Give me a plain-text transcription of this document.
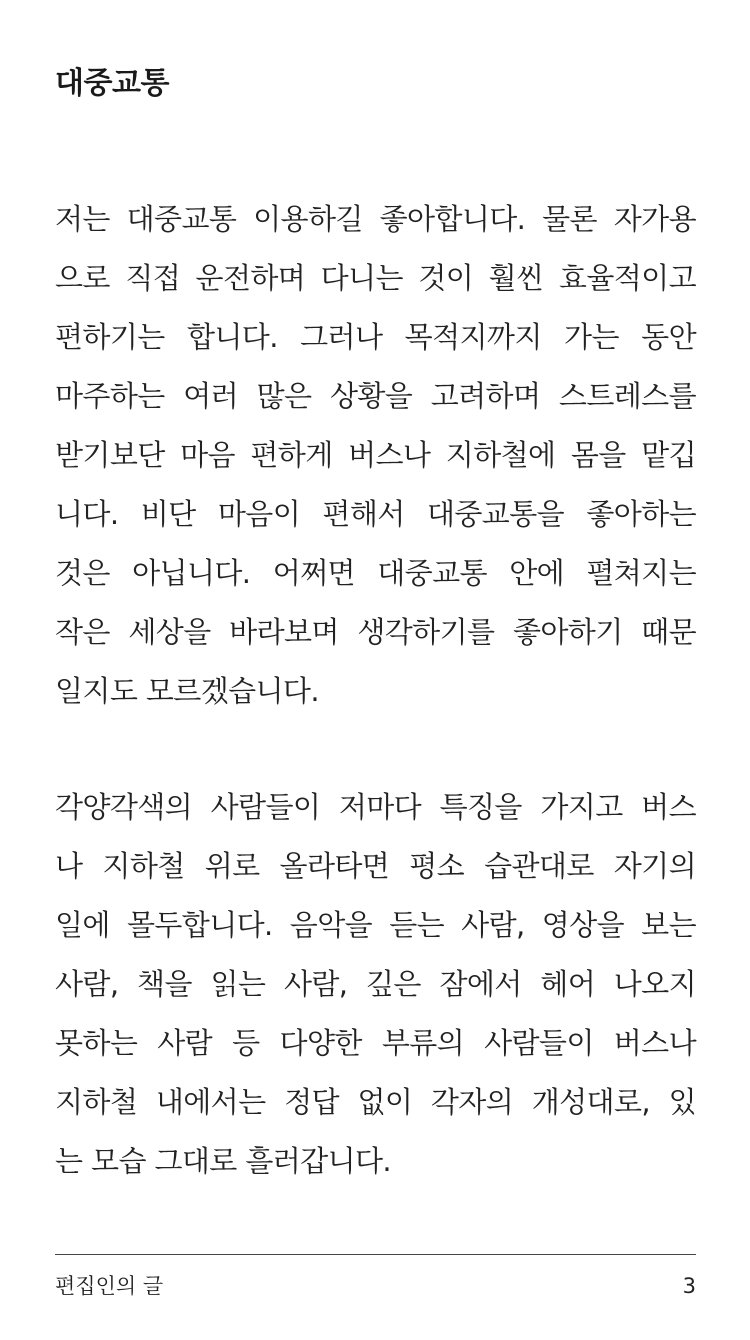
대중교통
저는 대중교통 이용하길 좋아합니다. 물론 자가용
으로 직접 운전하며 다니는 것이 훨씬 효율적이고
편하기는 합니다. 그러나 목적지까지 가는 동안
마주하는 여러 많은 상황을 고려하며 스트레스를
받기보단 마음 편하게 버스나 지하철에 몸을 맡깁
니다. 비단 마음이 편해서 대중교통을 좋아하는
것은 아닙니다. 어쩌면 대중교통 안에 펼쳐지는
작은 세상을 바라보며 생각하기를 좋아하기 때문
일지도 모르겠습니다.
각양각색의 사람들이 저마다 특징을 가지고 버스
나 지하철 위로 올라타면 평소 습관대로 자기의
일에 몰두합니다. 음악을 듣는 사람, 영상을 보는
사람, 책을 읽는 사람, 깊은 잠에서 헤어 나오지
못하는 사람 등 다양한 부류의 사람들이 버스나
지하철 내에서는 정답 없이 각자의 개성대로, 있
는 모습 그대로 흘러갑니다.
편집인의 글	3
